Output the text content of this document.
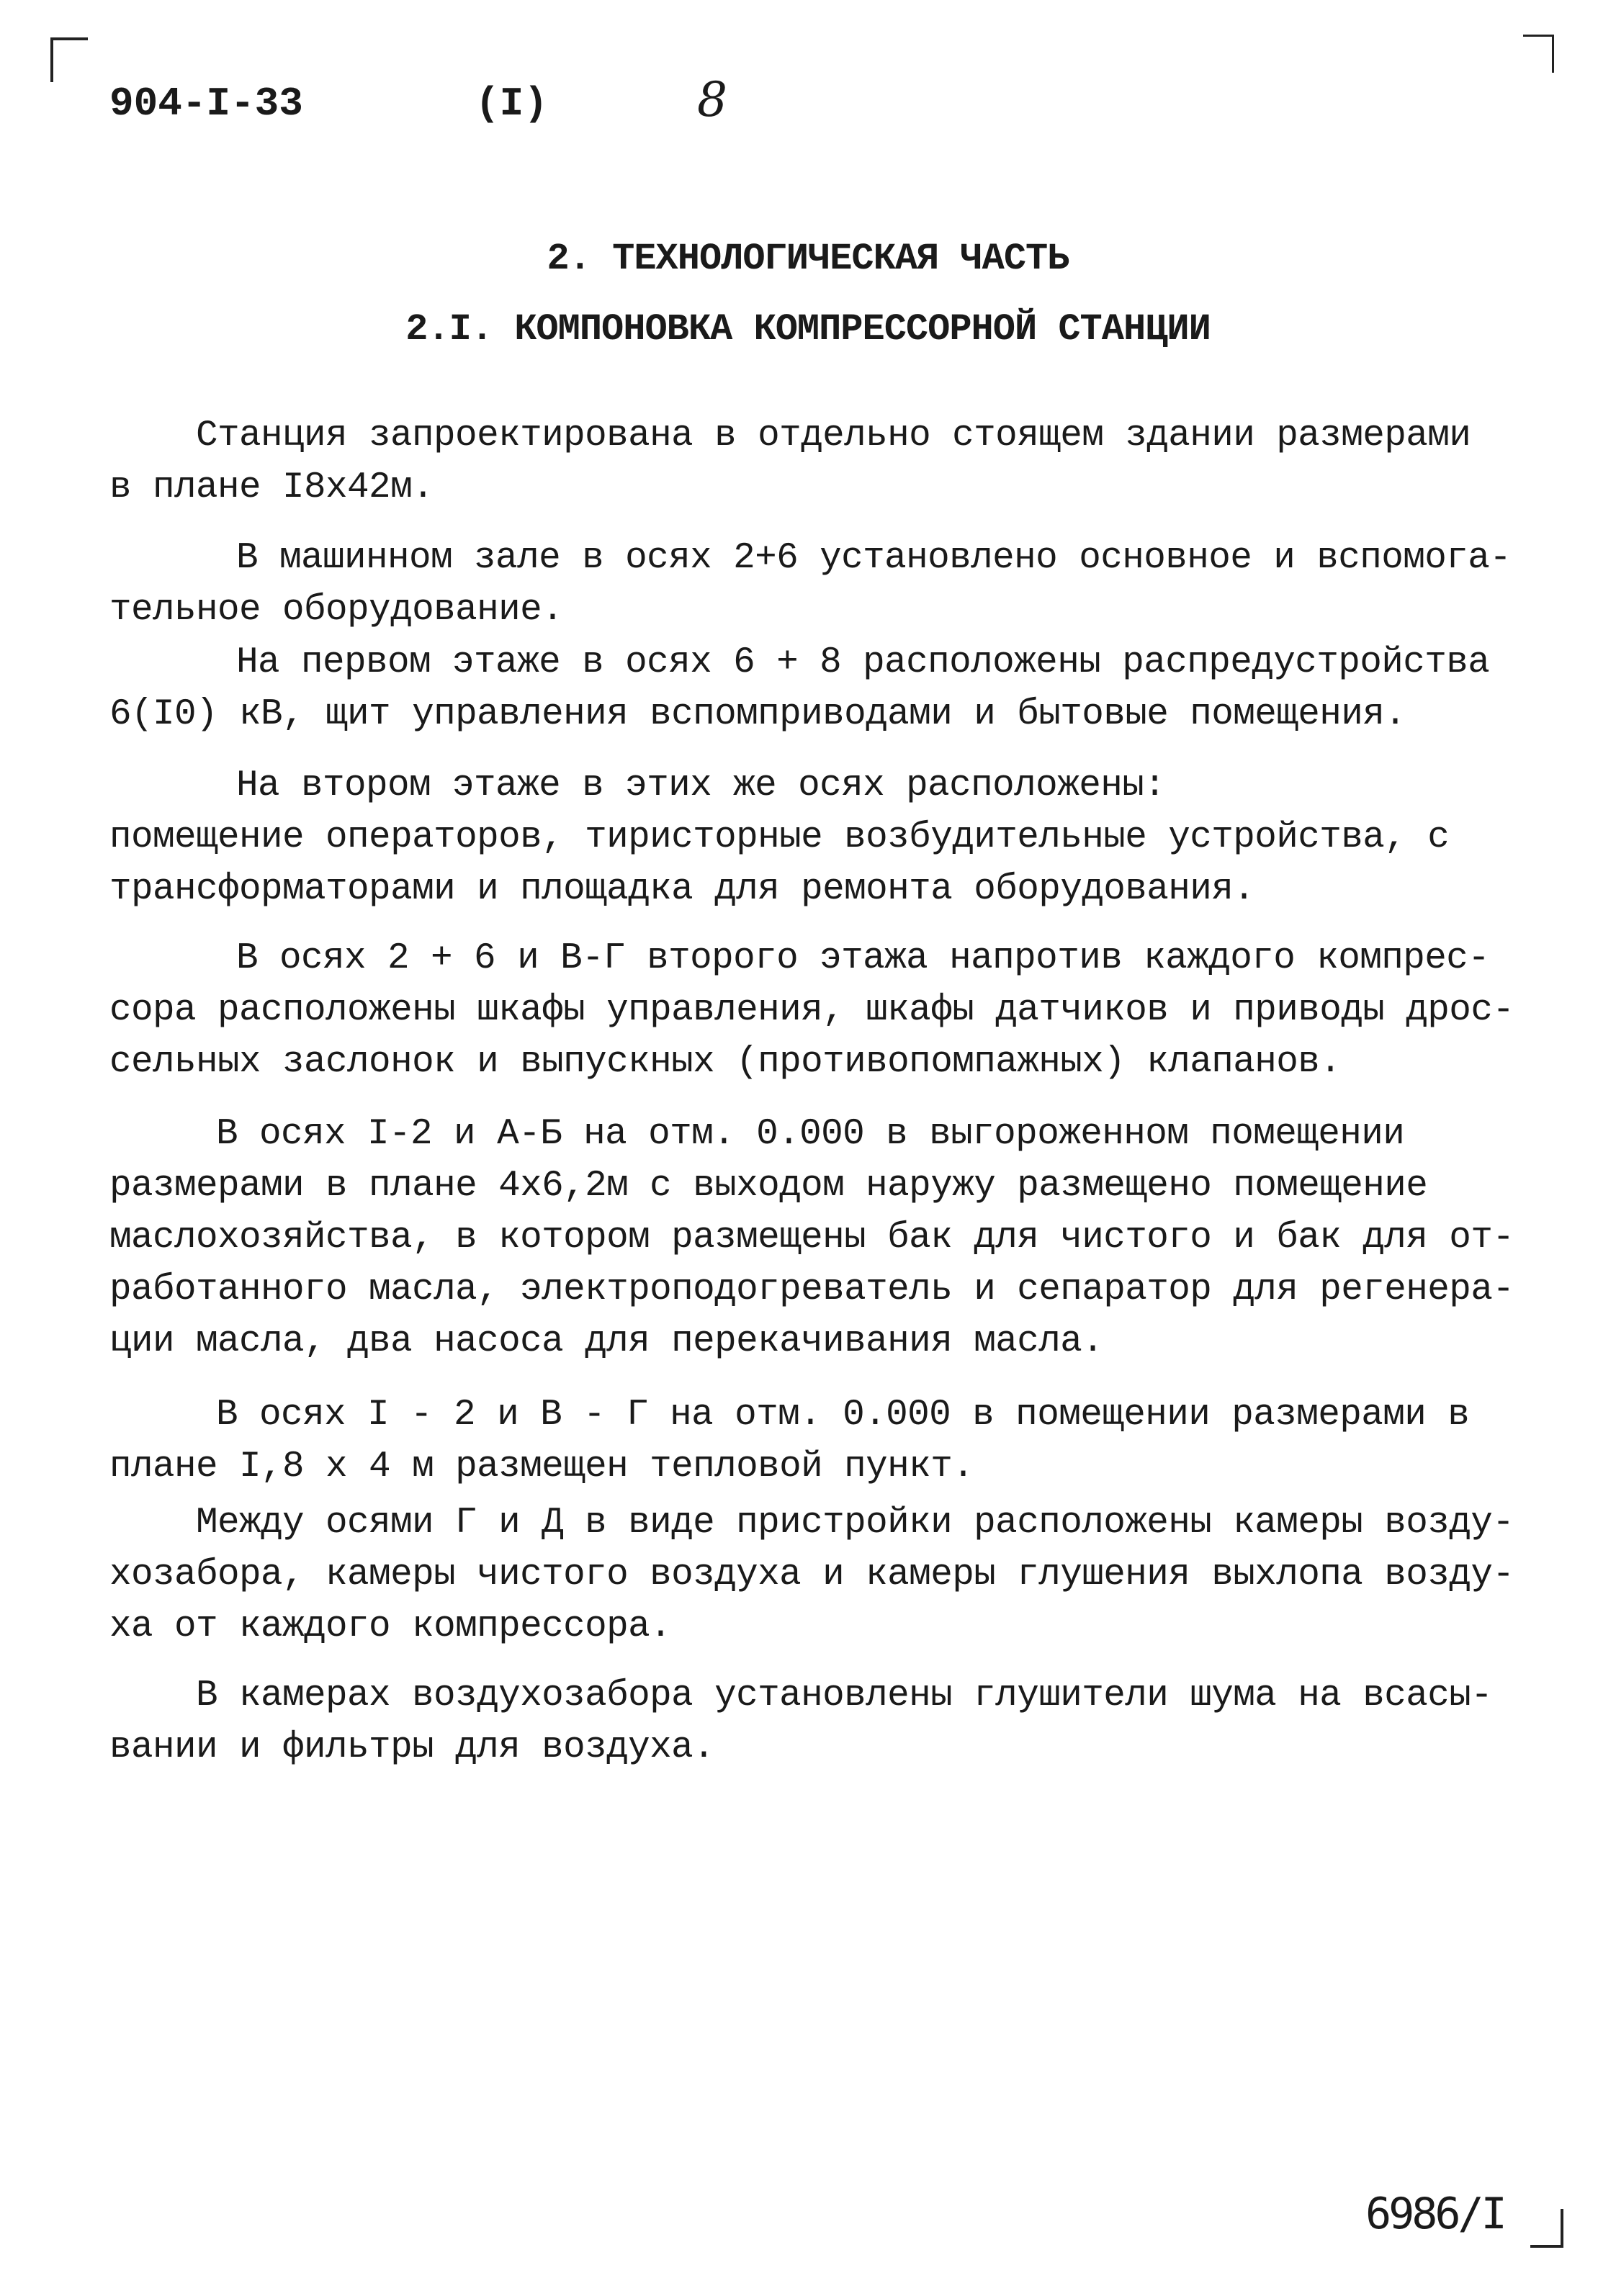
904-I-33	(I)	8
2. ТЕХНОЛОГИЧЕСКАЯ ЧАСТЬ
2.I. КОМПОНОВКА КОМПРЕССОРНОЙ СТАНЦИИ
Станция запроектирована в отдельно стоящем здании размерами
в плане I8x42м.
В машинном зале в осях 2+6 установлено основное и вспомога-
тельное оборудование.
На первом этаже в осях 6 + 8 расположены распредустройства
6(I0) кВ, щит управления вспомприводами и бытовые помещения.
На втором этаже в этих же осях расположены:
помещение операторов, тиристорные возбудительные устройства, с
трансформаторами и площадка для ремонта оборудования.
В осях 2 + 6 и В-Г второго этажа напротив каждого компрес-
сора расположены шкафы управления, шкафы датчиков и приводы дрос-
сельных заслонок и выпускных (противопомпажных) клапанов.
В осях I-2 и А-Б на отм. 0.000 в выгороженном помещении
размерами в плане 4x6,2м с выходом наружу размещено помещение
маслохозяйства, в котором размещены бак для чистого и бак для от-
работанного масла, электроподогреватель и сепаратор для регенера-
ции масла, два насоса для перекачивания масла.
В осях I - 2 и В - Г на отм. 0.000 в помещении размерами в
плане I,8 x 4 м размещен тепловой пункт.
Между осями Г и Д в виде пристройки расположены камеры возду-
хозабора, камеры чистого воздуха и камеры глушения выхлопа возду-
ха от каждого компрессора.
В камерах воздухозабора установлены глушители шума на всасы-
вании и фильтры для воздуха.
6986/I
